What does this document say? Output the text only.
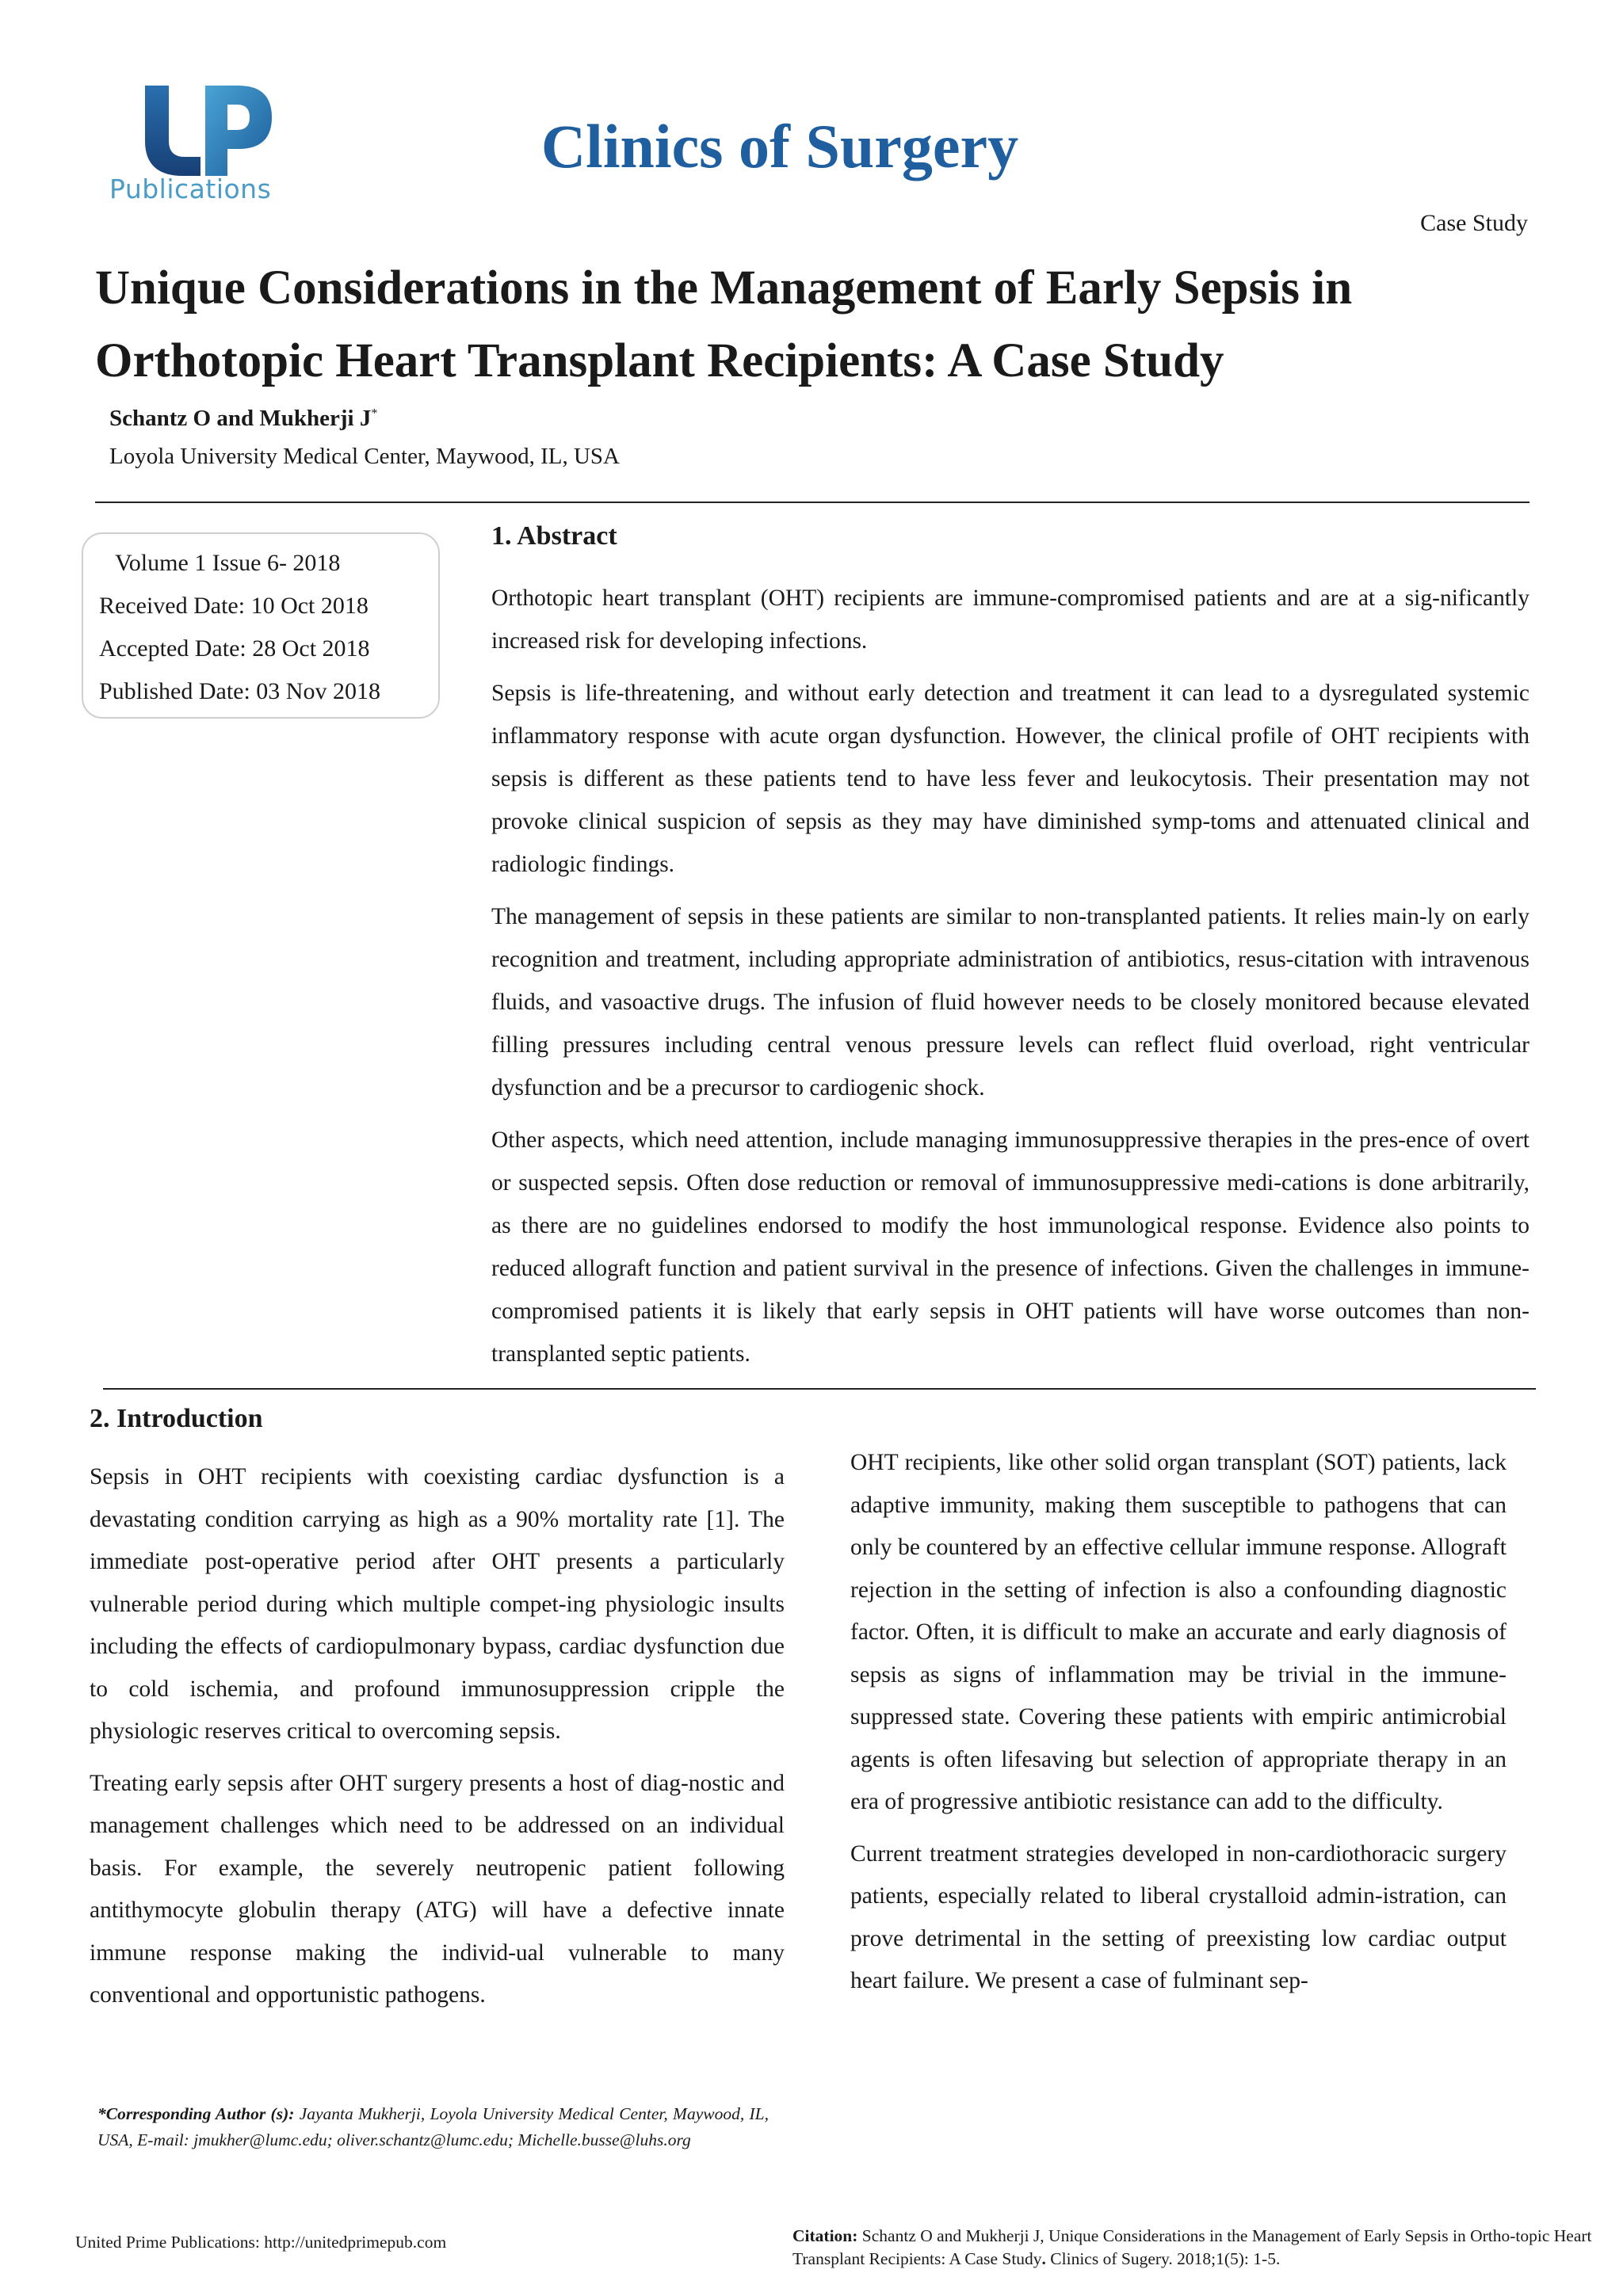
Publications
Clinics of Surgery
Case Study
Unique Considerations in the Management of Early Sepsis in Orthotopic Heart Transplant Recipients: A Case Study
Schantz O and Mukherji J*
Loyola University Medical Center, Maywood, IL, USA
Volume 1 Issue 6- 2018
Received Date: 10 Oct 2018
Accepted Date: 28 Oct 2018
Published Date: 03 Nov 2018
1. Abstract

Orthotopic heart transplant (OHT) recipients are immune-compromised patients and are at a sig-nificantly increased risk for developing infections.

Sepsis is life-threatening, and without early detection and treatment it can lead to a dysregulated systemic inflammatory response with acute organ dysfunction. However, the clinical profile of OHT recipients with sepsis is different as these patients tend to have less fever and leukocytosis. Their presentation may not provoke clinical suspicion of sepsis as they may have diminished symp-toms and attenuated clinical and radiologic findings.

The management of sepsis in these patients are similar to non-transplanted patients. It relies main-ly on early recognition and treatment, including appropriate administration of antibiotics, resus-citation with intravenous fluids, and vasoactive drugs. The infusion of fluid however needs to be closely monitored because elevated filling pressures including central venous pressure levels can reflect fluid overload, right ventricular dysfunction and be a precursor to cardiogenic shock.

Other aspects, which need attention, include managing immunosuppressive therapies in the pres-ence of overt or suspected sepsis. Often dose reduction or removal of immunosuppressive medi-cations is done arbitrarily, as there are no guidelines endorsed to modify the host immunological response. Evidence also points to reduced allograft function and patient survival in the presence of infections. Given the challenges in immune-compromised patients it is likely that early sepsis in OHT patients will have worse outcomes than non-transplanted septic patients.

2. Introduction

Sepsis in OHT recipients with coexisting cardiac dysfunction is a devastating condition carrying as high as a 90% mortality rate [1]. The immediate post-operative period after OHT presents a particularly vulnerable period during which multiple compet-ing physiologic insults including the effects of cardiopulmonary bypass, cardiac dysfunction due to cold ischemia, and profound immunosuppression cripple the physiologic reserves critical to overcoming sepsis.

Treating early sepsis after OHT surgery presents a host of diag-nostic and management challenges which need to be addressed on an individual basis. For example, the severely neutropenic patient following antithymocyte globulin therapy (ATG) will have a defective innate immune response making the individ-ual vulnerable to many conventional and opportunistic pathogens.

OHT recipients, like other solid organ transplant (SOT) patients, lack adaptive immunity, making them susceptible to pathogens that can only be countered by an effective cellular immune response. Allograft rejection in the setting of infection is also a confounding diagnostic factor. Often, it is difficult to make an accurate and early diagnosis of sepsis as signs of inflammation may be trivial in the immune-suppressed state. Covering these patients with empiric antimicrobial agents is often lifesaving but selection of appropriate therapy in an era of progressive antibiotic resistance can add to the difficulty.

Current treatment strategies developed in non-cardiothoracic surgery patients, especially related to liberal crystalloid admin-istration, can prove detrimental in the setting of preexisting low cardiac output heart failure. We present a case of fulminant sep-

*Corresponding Author (s): Jayanta Mukherji, Loyola University Medical Center, Maywood, IL, USA, E-mail: jmukher@lumc.edu; oliver.schantz@lumc.edu; Michelle.busse@luhs.org
United Prime Publications: http://unitedprimepub.com	Citation: Schantz O and Mukherji J, Unique Considerations in the Management of Early Sepsis in Ortho-topic Heart Transplant Recipients: A Case Study. Clinics of Sugery. 2018;1(5): 1-5.
